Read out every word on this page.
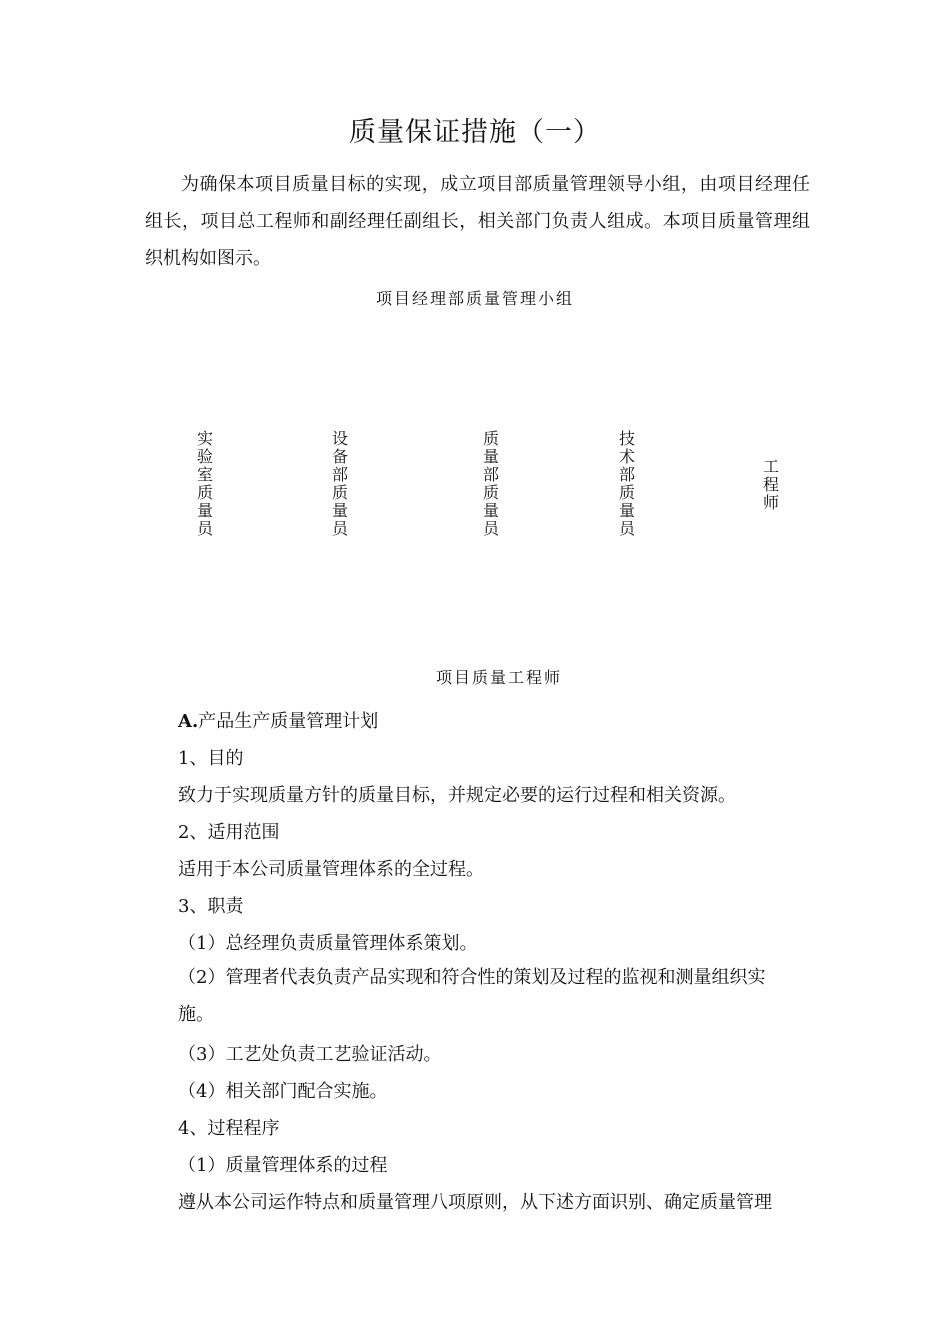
质量保证措施（一）
为确保本项目质量目标的实现，成立项目部质量管理领导小组，由项目经理任组长，项目总工程师和副经理任副组长，相关部门负责人组成。本项目质量管理组织机构如图示。
项目经理部质量管理小组
实验室质量员
设备部质量员
质量部质量员
技术部质量员
工程师
项目质量工程师
A.产品生产质量管理计划
1、目的
致力于实现质量方针的质量目标，并规定必要的运行过程和相关资源。
2、适用范围
适用于本公司质量管理体系的全过程。
3、职责
（1）总经理负责质量管理体系策划。
（2）管理者代表负责产品实现和符合性的策划及过程的监视和测量组织实施。
（3）工艺处负责工艺验证活动。
（4）相关部门配合实施。
4、过程程序
（1）质量管理体系的过程
遵从本公司运作特点和质量管理八项原则，从下述方面识别、确定质量管理
